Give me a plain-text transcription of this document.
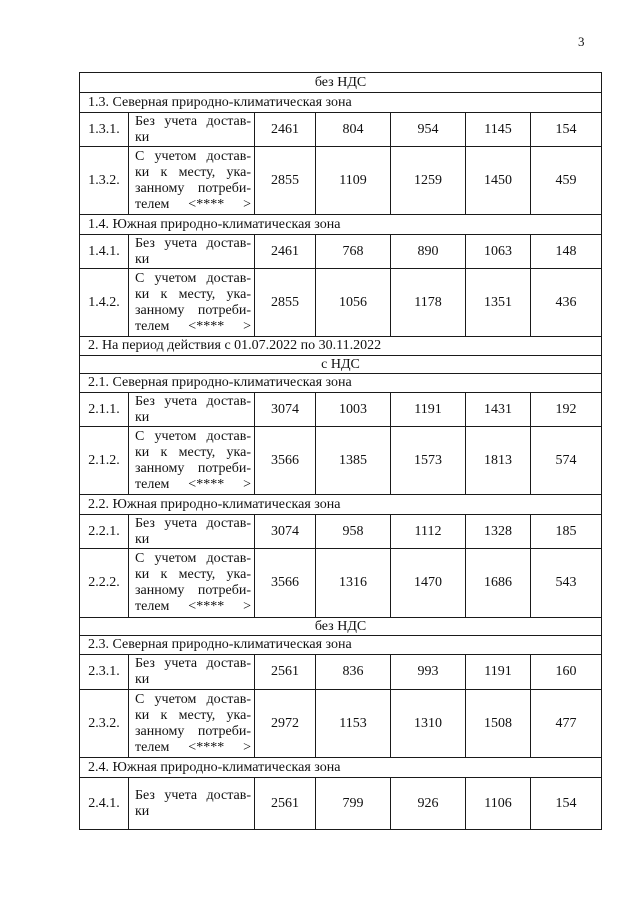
3
без НДС						
1.3. Северная природно-климатическая зона						
1.3.1.	Без учета достав-
ки	2461	804	954	1145	154
1.3.2.	С учетом достав-
ки к месту, ука-
занному потреби-
телем <**** >	2855	1109	1259	1450	459
1.4. Южная природно-климатическая зона						
1.4.1.	Без учета достав-
ки	2461	768	890	1063	148
1.4.2.	С учетом достав-
ки к месту, ука-
занному потреби-
телем <**** >	2855	1056	1178	1351	436
2. На период действия с 01.07.2022 по 30.11.2022						
с НДС						
2.1. Северная природно-климатическая зона						
2.1.1.	Без учета достав-
ки	3074	1003	1191	1431	192
2.1.2.	С учетом достав-
ки к месту, ука-
занному потреби-
телем <**** >	3566	1385	1573	1813	574
2.2. Южная природно-климатическая зона						
2.2.1.	Без учета достав-
ки	3074	958	1112	1328	185
2.2.2.	С учетом достав-
ки к месту, ука-
занному потреби-
телем <**** >	3566	1316	1470	1686	543
без НДС						
2.3. Северная природно-климатическая зона						
2.3.1.	Без учета достав-
ки	2561	836	993	1191	160
2.3.2.	С учетом достав-
ки к месту, ука-
занному потреби-
телем <**** >	2972	1153	1310	1508	477
2.4. Южная природно-климатическая зона						
2.4.1.	Без учета достав-
ки	2561	799	926	1106	154
